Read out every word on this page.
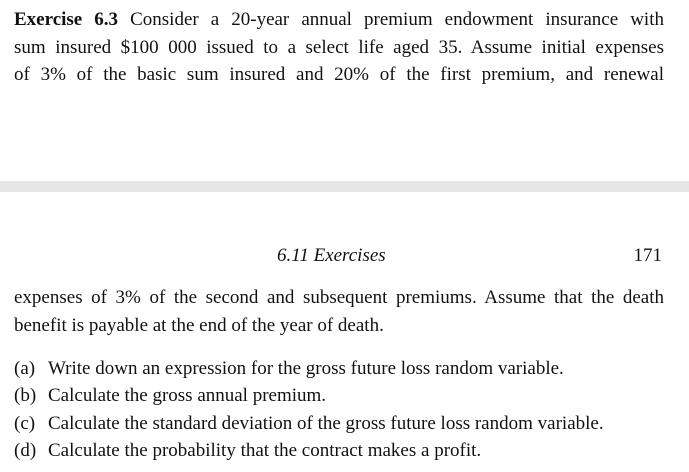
Exercise 6.3 Consider a 20-year annual premium endowment insurance with
sum insured $100 000 issued to a select life aged 35. Assume initial expenses
of 3% of the basic sum insured and 20% of the first premium, and renewal

6.11 Exercises	171

expenses of 3% of the second and subsequent premiums. Assume that the death
benefit is payable at the end of the year of death.

(a) Write down an expression for the gross future loss random variable.
(b) Calculate the gross annual premium.
(c) Calculate the standard deviation of the gross future loss random variable.
(d) Calculate the probability that the contract makes a profit.
